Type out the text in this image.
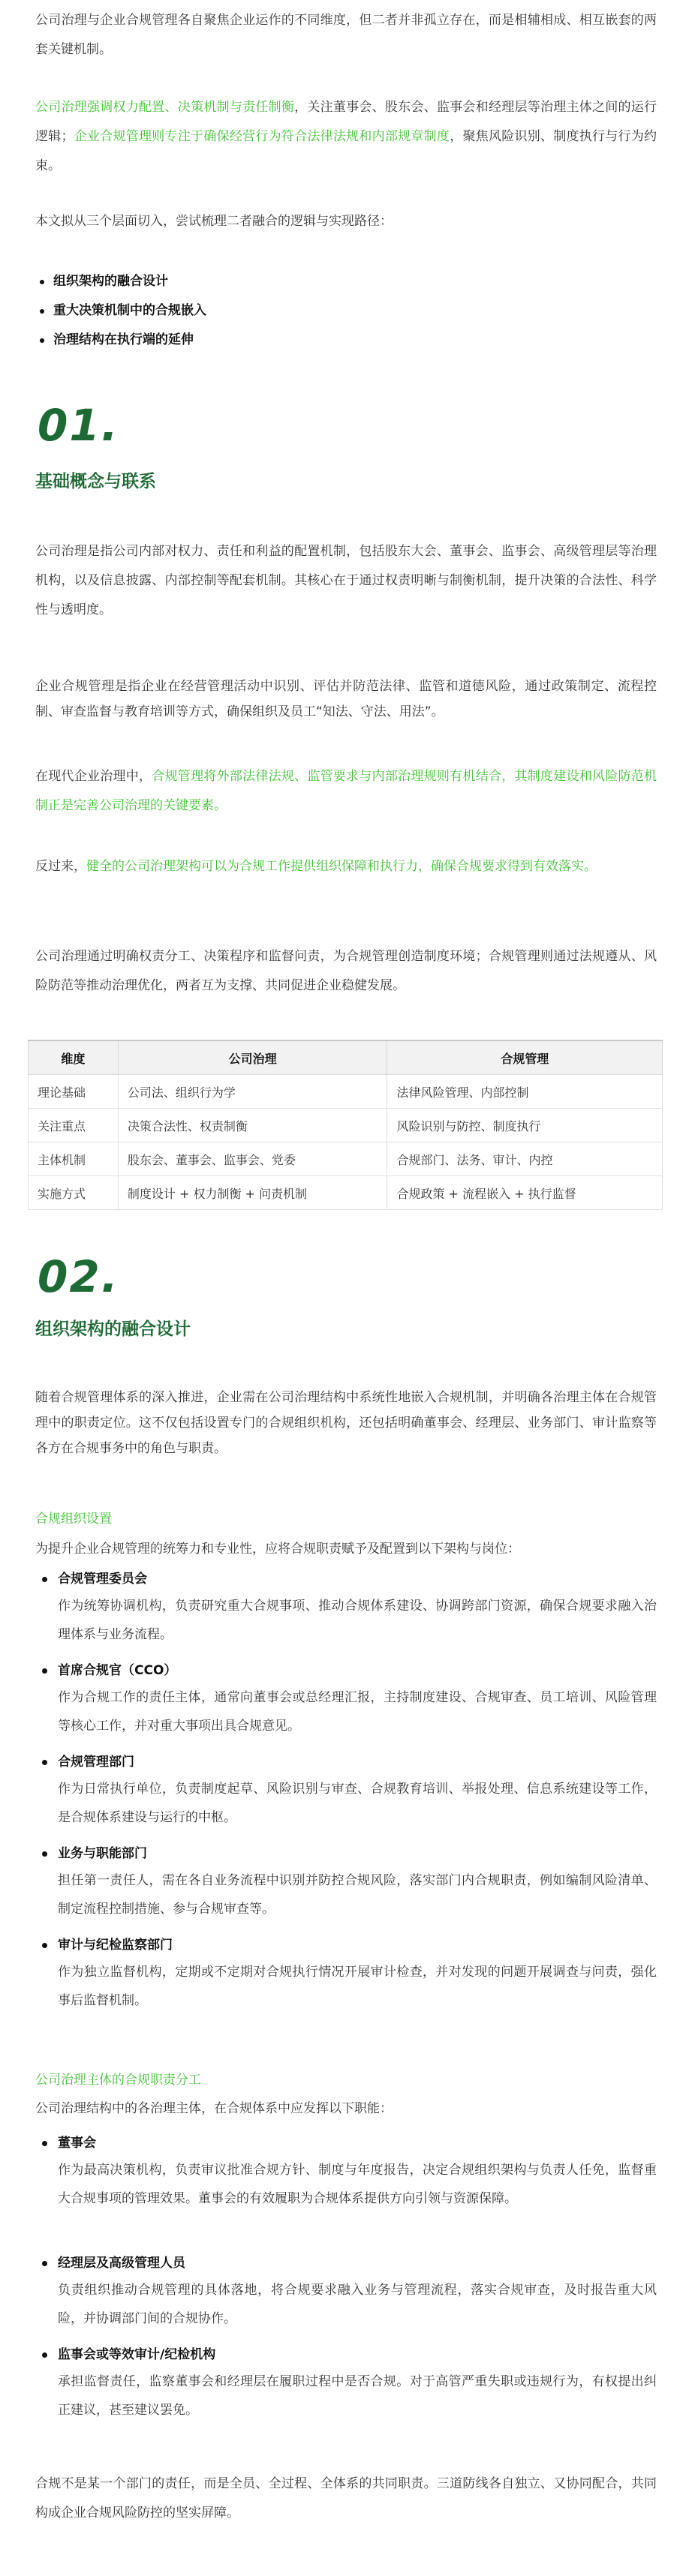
公司治理与企业合规管理各自聚焦企业运作的不同维度，但二者并非孤立存在，而是相辅相成、相互嵌套的两套关键机制。
公司治理强调权力配置、决策机制与责任制衡，关注董事会、股东会、监事会和经理层等治理主体之间的运行逻辑；企业合规管理则专注于确保经营行为符合法律法规和内部规章制度，聚焦风险识别、制度执行与行为约束。
本文拟从三个层面切入，尝试梳理二者融合的逻辑与实现路径：
组织架构的融合设计
重大决策机制中的合规嵌入
治理结构在执行端的延伸
01.
基础概念与联系
公司治理是指公司内部对权力、责任和利益的配置机制，包括股东大会、董事会、监事会、高级管理层等治理机构，以及信息披露、内部控制等配套机制。其核心在于通过权责明晰与制衡机制，提升决策的合法性、科学性与透明度。
企业合规管理是指企业在经营管理活动中识别、评估并防范法律、监管和道德风险，通过政策制定、流程控制、审查监督与教育培训等方式，确保组织及员工“知法、守法、用法”。
在现代企业治理中，合规管理将外部法律法规、监管要求与内部治理规则有机结合，其制度建设和风险防范机制正是完善公司治理的关键要素。
反过来，健全的公司治理架构可以为合规工作提供组织保障和执行力，确保合规要求得到有效落实。
公司治理通过明确权责分工、决策程序和监督问责，为合规管理创造制度环境；合规管理则通过法规遵从、风险防范等推动治理优化，两者互为支撑、共同促进企业稳健发展。
维度	公司治理	合规管理
理论基础	公司法、组织行为学	法律风险管理、内部控制
关注重点	决策合法性、权责制衡	风险识别与防控、制度执行
主体机制	股东会、董事会、监事会、党委	合规部门、法务、审计、内控
实施方式	制度设计 + 权力制衡 + 问责机制	合规政策 + 流程嵌入 + 执行监督
02.
组织架构的融合设计
随着合规管理体系的深入推进，企业需在公司治理结构中系统性地嵌入合规机制，并明确各治理主体在合规管理中的职责定位。这不仅包括设置专门的合规组织机构，还包括明确董事会、经理层、业务部门、审计监察等各方在合规事务中的角色与职责。
合规组织设置
为提升企业合规管理的统筹力和专业性，应将合规职责赋予及配置到以下架构与岗位：
合规管理委员会
作为统筹协调机构，负责研究重大合规事项、推动合规体系建设、协调跨部门资源，确保合规要求融入治理体系与业务流程。
首席合规官（CCO）
作为合规工作的责任主体，通常向董事会或总经理汇报，主持制度建设、合规审查、员工培训、风险管理等核心工作，并对重大事项出具合规意见。
合规管理部门
作为日常执行单位，负责制度起草、风险识别与审查、合规教育培训、举报处理、信息系统建设等工作，是合规体系建设与运行的中枢。
业务与职能部门
担任第一责任人，需在各自业务流程中识别并防控合规风险，落实部门内合规职责，例如编制风险清单、制定流程控制措施、参与合规审查等。
审计与纪检监察部门
作为独立监督机构，定期或不定期对合规执行情况开展审计检查，并对发现的问题开展调查与问责，强化事后监督机制。
公司治理主体的合规职责分工
公司治理结构中的各治理主体，在合规体系中应发挥以下职能：
董事会
作为最高决策机构，负责审议批准合规方针、制度与年度报告，决定合规组织架构与负责人任免，监督重大合规事项的管理效果。董事会的有效履职为合规体系提供方向引领与资源保障。
经理层及高级管理人员
负责组织推动合规管理的具体落地，将合规要求融入业务与管理流程，落实合规审查，及时报告重大风险，并协调部门间的合规协作。
监事会或等效审计/纪检机构
承担监督责任，监察董事会和经理层在履职过程中是否合规。对于高管严重失职或违规行为，有权提出纠正建议，甚至建议罢免。
合规不是某一个部门的责任，而是全员、全过程、全体系的共同职责。三道防线各自独立、又协同配合，共同构成企业合规风险防控的坚实屏障。
